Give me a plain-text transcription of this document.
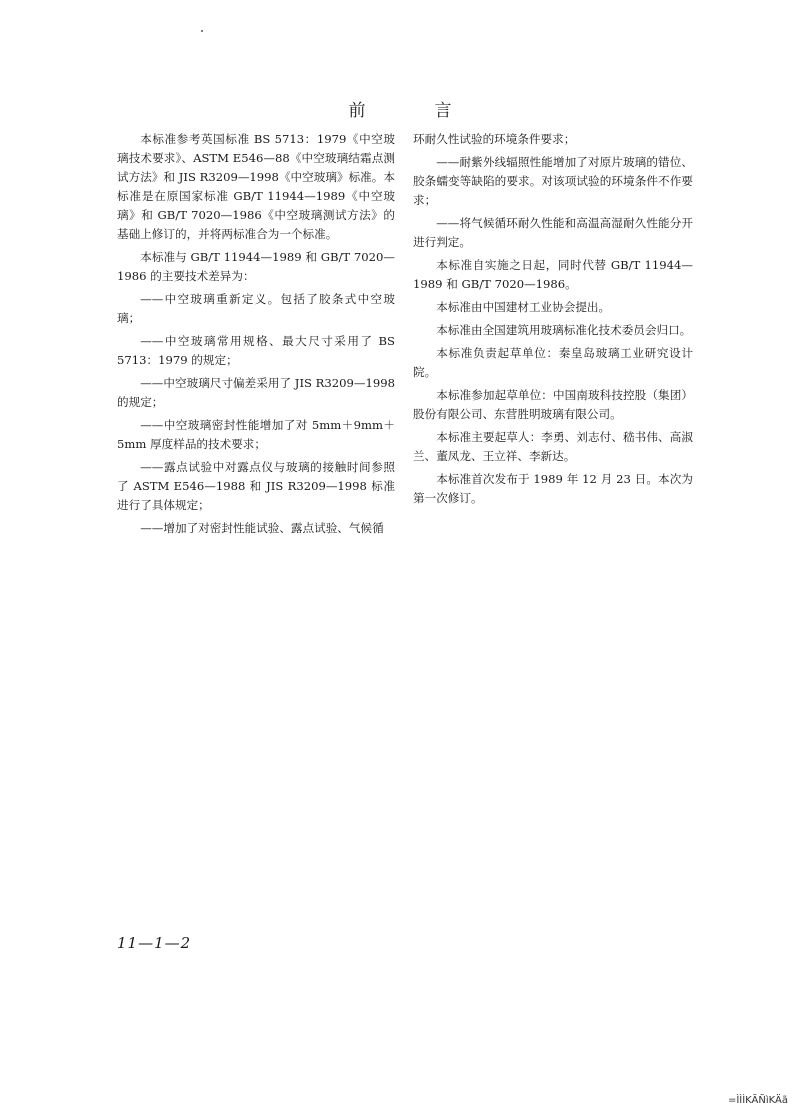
前　言

本标准参考英国标准 BS 5713：1979《中空玻璃技术要求》、ASTM E546—88《中空玻璃结霜点测试方法》和 JIS R3209—1998《中空玻璃》标准。本标准是在原国家标准 GB/T 11944—1989《中空玻璃》和 GB/T 7020—1986《中空玻璃测试方法》的基础上修订的，并将两标准合为一个标准。

本标准与 GB/T 11944—1989 和 GB/T 7020—1986 的主要技术差异为：

——中空玻璃重新定义。包括了胶条式中空玻璃；

——中空玻璃常用规格、最大尺寸采用了 BS 5713：1979 的规定；

——中空玻璃尺寸偏差采用了 JIS R3209—1998 的规定；

——中空玻璃密封性能增加了对 5mm＋9mm＋5mm 厚度样品的技术要求；

——露点试验中对露点仪与玻璃的接触时间参照了 ASTM E546—1988 和 JIS R3209—1998 标准进行了具体规定；

——增加了对密封性能试验、露点试验、气候循

环耐久性试验的环境条件要求；

——耐紫外线辐照性能增加了对原片玻璃的错位、胶条蠕变等缺陷的要求。对该项试验的环境条件不作要求；

——将气候循环耐久性能和高温高湿耐久性能分开进行判定。

本标准自实施之日起，同时代替 GB/T 11944—1989 和 GB/T 7020—1986。

本标准由中国建材工业协会提出。

本标准由全国建筑用玻璃标准化技术委员会归口。

本标准负责起草单位：秦皇岛玻璃工业研究设计院。

本标准参加起草单位：中国南玻科技控股（集团）股份有限公司、东营胜明玻璃有限公司。

本标准主要起草人：李勇、刘志付、嵇书伟、高淑兰、董凤龙、王立祥、李新达。

本标准首次发布于 1989 年 12 月 23 日。本次为第一次修订。

11—1—2
=ÌÌÌKÃÑìKÄã
